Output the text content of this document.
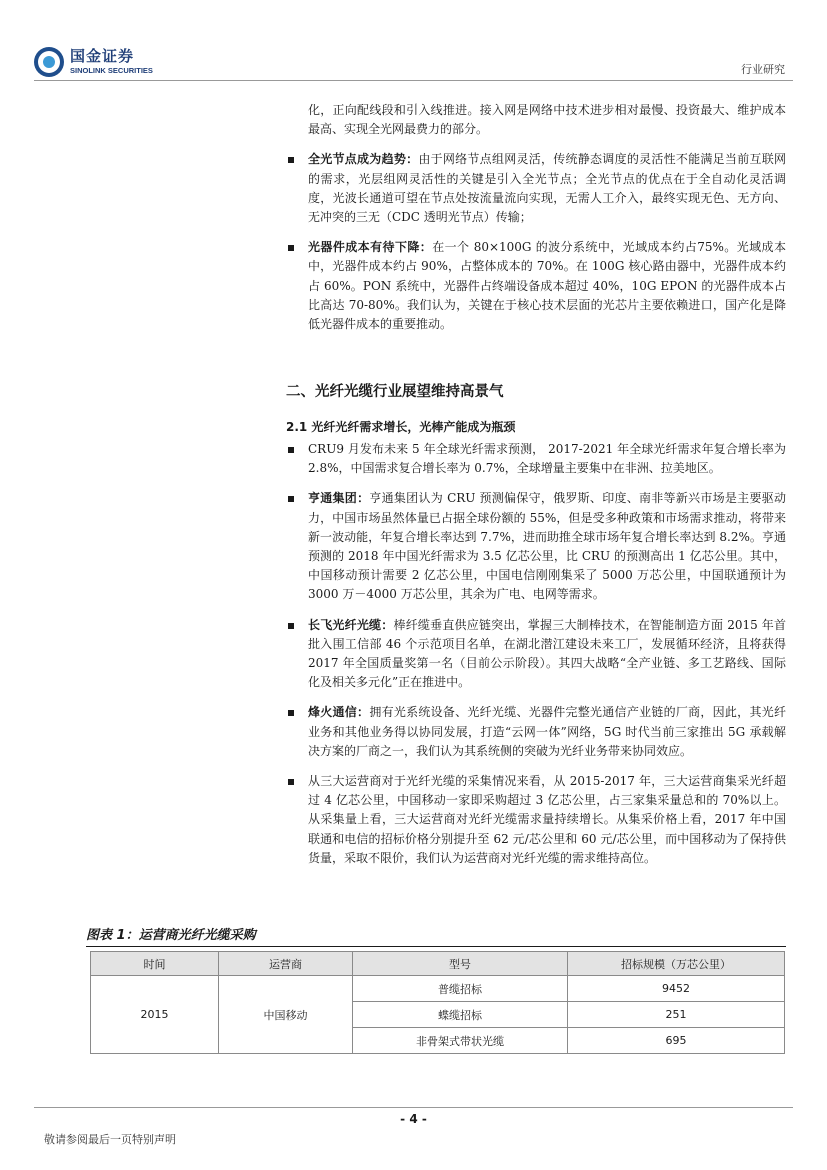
国金证券
SINOLINK SECURITIES	行业研究

化，正向配线段和引入线推进。接入网是网络中技术进步相对最慢、投资最大、维护成本最高、实现全光网最费力的部分。

全光节点成为趋势：由于网络节点组网灵活，传统静态调度的灵活性不能满足当前互联网的需求，光层组网灵活性的关键是引入全光节点；全光节点的优点在于全自动化灵活调度，光波长通道可望在节点处按流量流向实现，无需人工介入，最终实现无色、无方向、无冲突的三无（CDC 透明光节点）传输；
光器件成本有待下降：在一个 80×100G 的波分系统中，光域成本约占75%。光域成本中，光器件成本约占 90%，占整体成本的 70%。在 100G 核心路由器中，光器件成本约占 60%。PON 系统中，光器件占终端设备成本超过 40%，10G EPON 的光器件成本占比高达 70-80%。我们认为，关键在于核心技术层面的光芯片主要依赖进口，国产化是降低光器件成本的重要推动。
二、光纤光缆行业展望维持高景气
2.1 光纤光纤需求增长，光棒产能成为瓶颈
CRU9 月发布未来 5 年全球光纤需求预测， 2017-2021 年全球光纤需求年复合增长率为 2.8%，中国需求复合增长率为 0.7%，全球增量主要集中在非洲、拉美地区。
亨通集团：亨通集团认为 CRU 预测偏保守，俄罗斯、印度、南非等新兴市场是主要驱动力，中国市场虽然体量已占据全球份额的 55%，但是受多种政策和市场需求推动，将带来新一波动能，年复合增长率达到 7.7%，进而助推全球市场年复合增长率达到 8.2%。亨通预测的 2018 年中国光纤需求为 3.5 亿芯公里，比 CRU 的预测高出 1 亿芯公里。其中，中国移动预计需要 2 亿芯公里，中国电信刚刚集采了 5000 万芯公里，中国联通预计为 3000 万－4000 万芯公里，其余为广电、电网等需求。
长飞光纤光缆：棒纤缆垂直供应链突出，掌握三大制棒技术，在智能制造方面 2015 年首批入围工信部 46 个示范项目名单，在湖北潜江建设未来工厂，发展循环经济，且将获得 2017 年全国质量奖第一名（目前公示阶段）。其四大战略“全产业链、多工艺路线、国际化及相关多元化”正在推进中。
烽火通信：拥有光系统设备、光纤光缆、光器件完整光通信产业链的厂商，因此，其光纤业务和其他业务得以协同发展，打造“云网一体”网络，5G 时代当前三家推出 5G 承载解决方案的厂商之一，我们认为其系统侧的突破为光纤业务带来协同效应。
从三大运营商对于光纤光缆的采集情况来看，从 2015-2017 年，三大运营商集采光纤超过 4 亿芯公里，中国移动一家即采购超过 3 亿芯公里，占三家集采量总和的 70%以上。从采集量上看，三大运营商对光纤光缆需求量持续增长。从集采价格上看，2017 年中国联通和电信的招标价格分别提升至 62 元/芯公里和 60 元/芯公里，而中国移动为了保持供货量，采取不限价，我们认为运营商对光纤光缆的需求维持高位。
图表 1：运营商光纤光缆采购
时间	运营商	型号	招标规模（万芯公里）
2015	中国移动	普缆招标	9452
		蝶缆招标	251
		非骨架式带状光缆	695
- 4 -
敬请参阅最后一页特别声明
